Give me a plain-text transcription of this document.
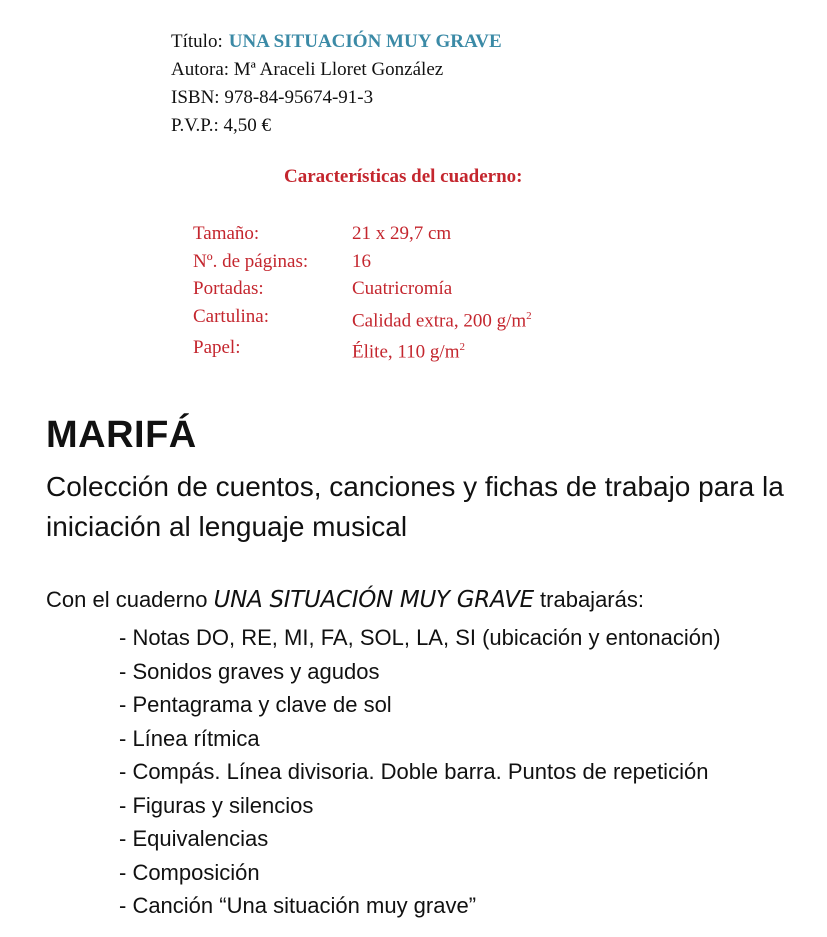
Título: UNA SITUACIÓN MUY GRAVE
Autora: Mª Araceli Lloret González
ISBN: 978-84-95674-91-3
P.V.P.: 4,50 €
Características del cuaderno:
Tamaño:	21 x 29,7 cm
Nº. de páginas:	16
Portadas:	Cuatricromía
Cartulina:	Calidad extra, 200 $g/m^2$
Papel:	Élite, 110 $g/m^2$
MARIFÁ
Colección de cuentos, canciones y fichas de trabajo para la iniciación al lenguaje musical
Con el cuaderno UNA SITUACIÓN MUY GRAVE trabajarás:
- Notas DO, RE, MI, FA, SOL, LA, SI (ubicación y entonación)
- Sonidos graves y agudos
- Pentagrama y clave de sol
- Línea rítmica
- Compás. Línea divisoria. Doble barra. Puntos de repetición
- Figuras y silencios
- Equivalencias
- Composición
- Canción “Una situación muy grave”
